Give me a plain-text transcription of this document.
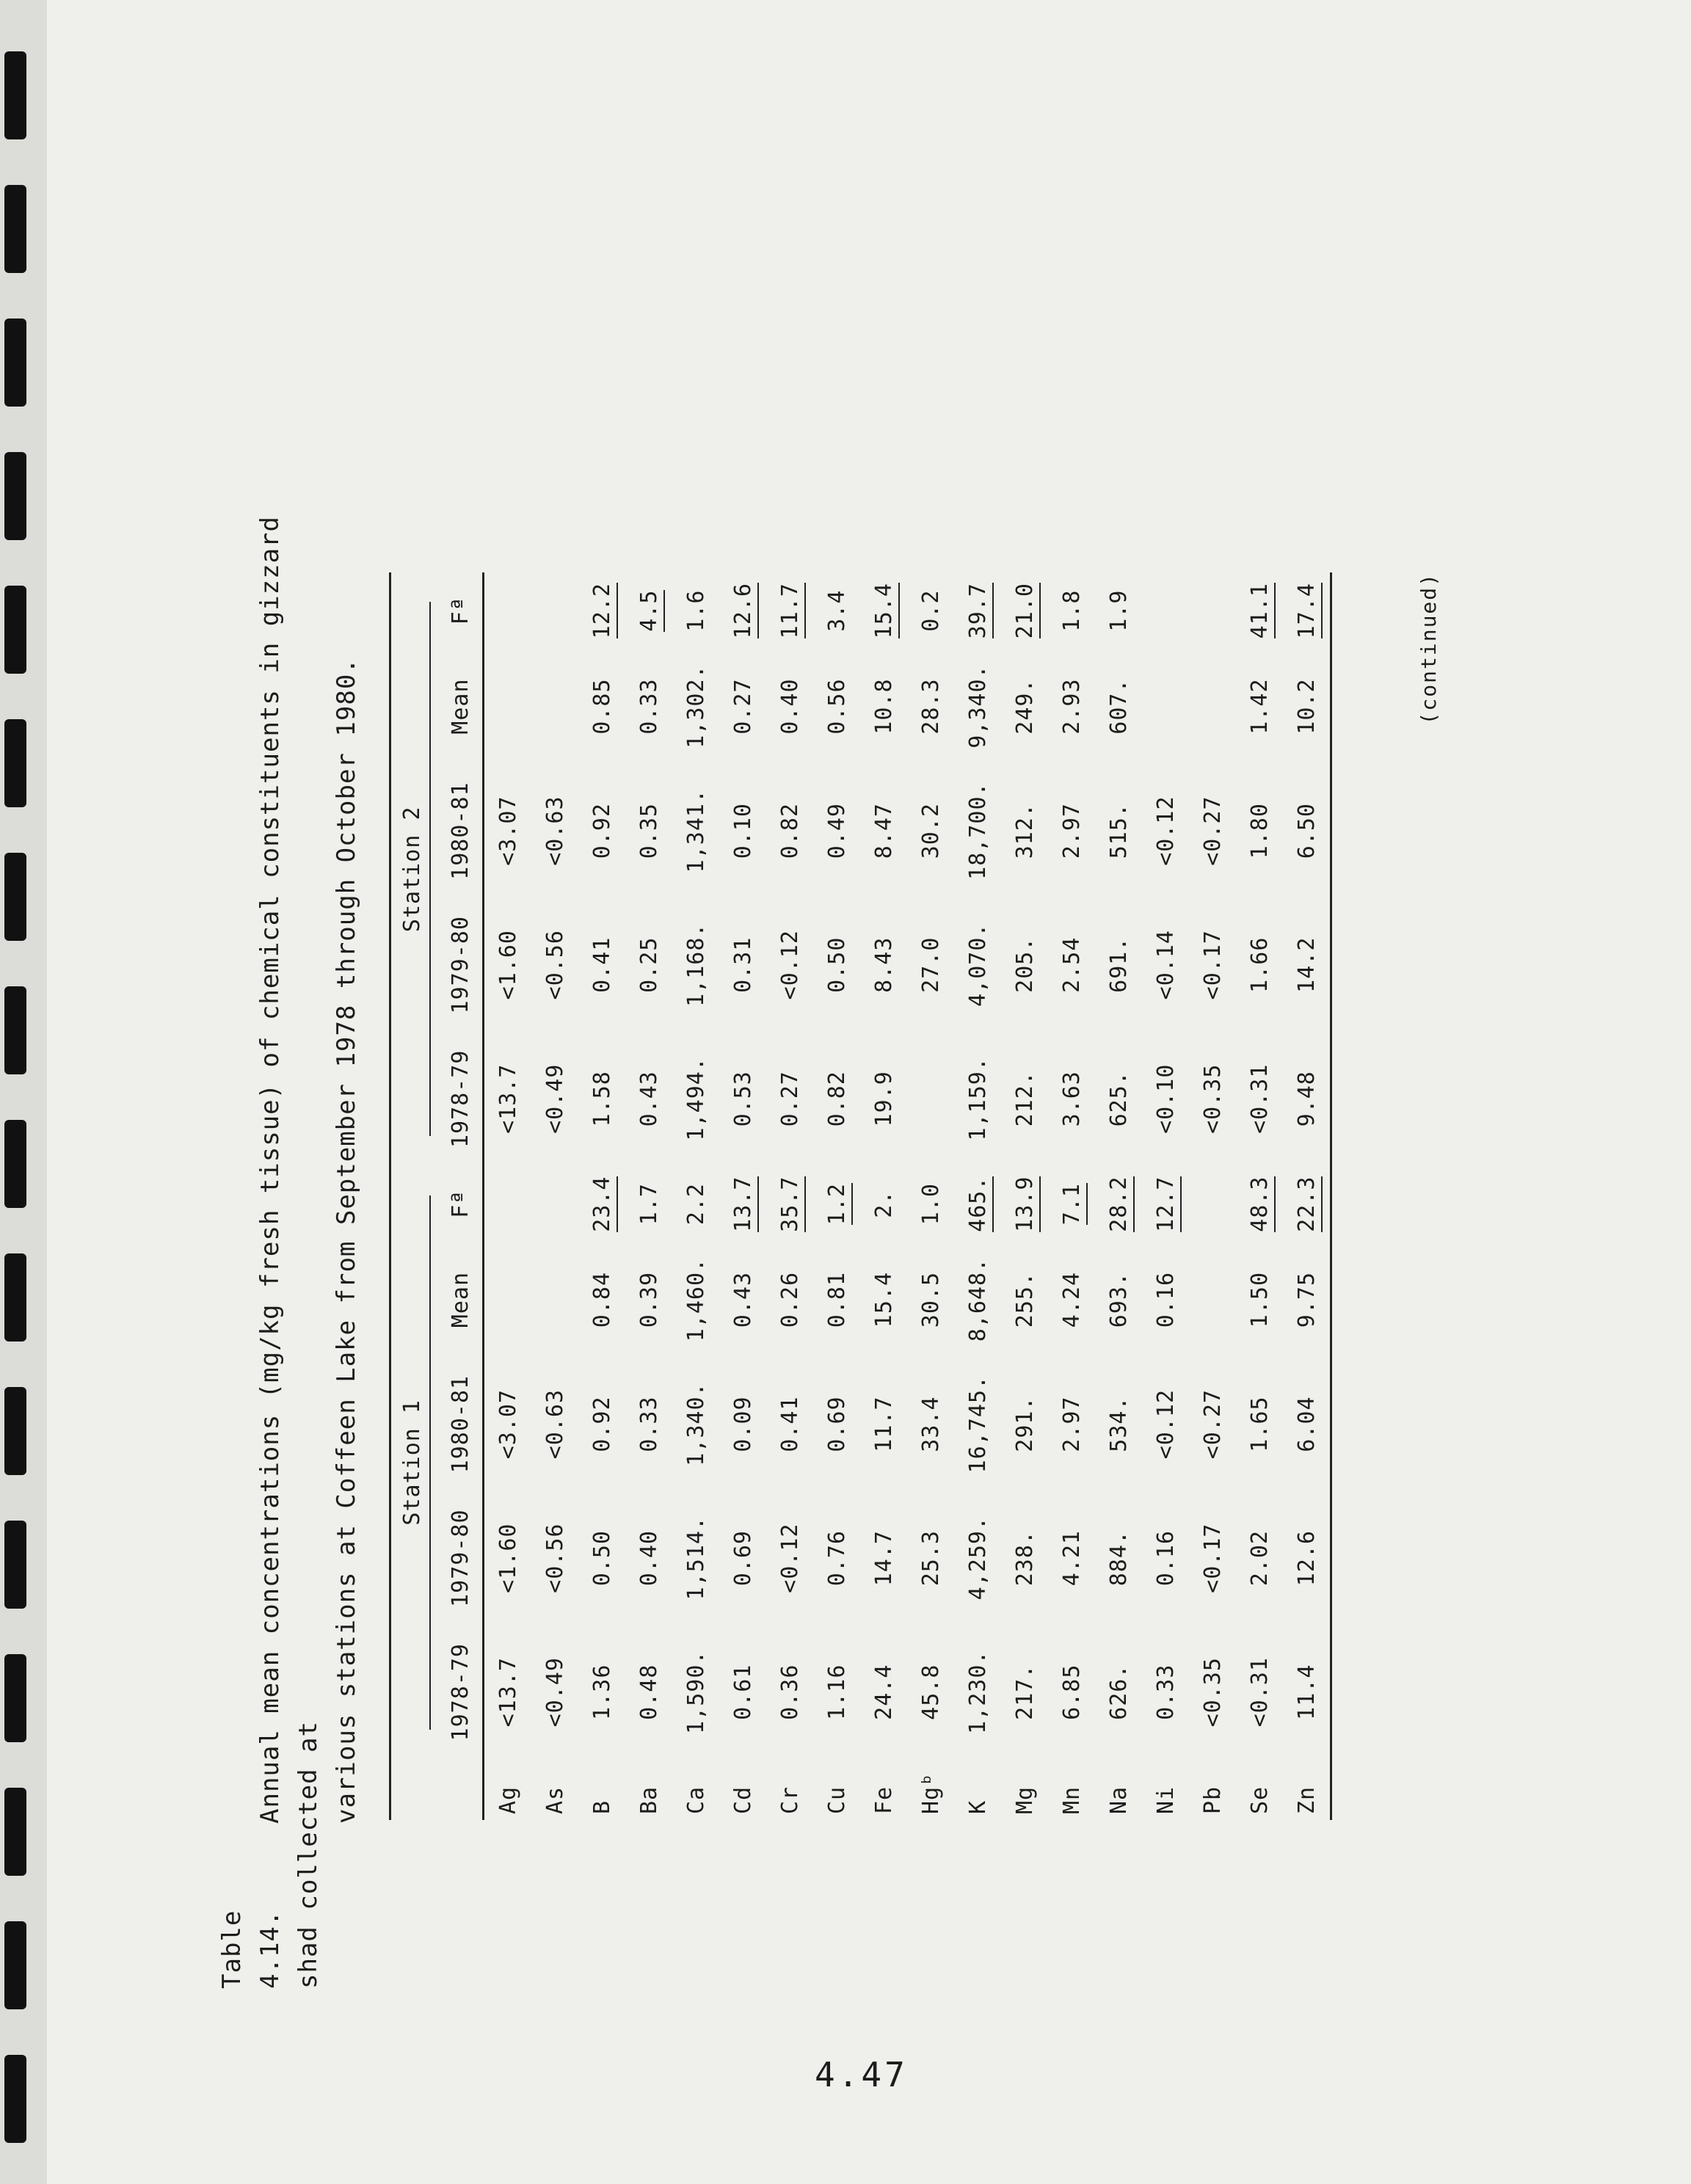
Table 4.14.Annual mean concentrations (mg/kg fresh tissue) of chemical constituents in gizzard shad collected at
various stations at Coffeen Lake from September 1978 through October 1980.
	Station 1					Station 2				
	1978-79	1979-80	1980-81	Mean	Fª	1978-79	1979-80	1980-81	Mean	Fª
Ag	<13.7	<1.60	<3.07			<13.7	<1.60	<3.07		
As	<0.49	<0.56	<0.63			<0.49	<0.56	<0.63		
B	1.36	0.50	0.92	0.84	23.4	1.58	0.41	0.92	0.85	12.2
Ba	0.48	0.40	0.33	0.39	1.7	0.43	0.25	0.35	0.33	4.5
Ca	1,590.	1,514.	1,340.	1,460.	2.2	1,494.	1,168.	1,341.	1,302.	1.6
Cd	0.61	0.69	0.09	0.43	13.7	0.53	0.31	0.10	0.27	12.6
Cr	0.36	<0.12	0.41	0.26	35.7	0.27	<0.12	0.82	0.40	11.7
Cu	1.16	0.76	0.69	0.81	1.2	0.82	0.50	0.49	0.56	3.4
Fe	24.4	14.7	11.7	15.4	2.	19.9	8.43	8.47	10.8	15.4
Hgᵇ	45.8	25.3	33.4	30.5	1.0		27.0	30.2	28.3	0.2
K	1,230.	4,259.	16,745.	8,648.	465.	1,159.	4,070.	18,700.	9,340.	39.7
Mg	217.	238.	291.	255.	13.9	212.	205.	312.	249.	21.0
Mn	6.85	4.21	2.97	4.24	7.1	3.63	2.54	2.97	2.93	1.8
Na	626.	884.	534.	693.	28.2	625.	691.	515.	607.	1.9
Ni	0.33	0.16	<0.12	0.16	12.7	<0.10	<0.14	<0.12		
Pb	<0.35	<0.17	<0.27			<0.35	<0.17	<0.27		
Se	<0.31	2.02	1.65	1.50	48.3	<0.31	1.66	1.80	1.42	41.1
Zn	11.4	12.6	6.04	9.75	22.3	9.48	14.2	6.50	10.2	17.4	(continued)
4.47
